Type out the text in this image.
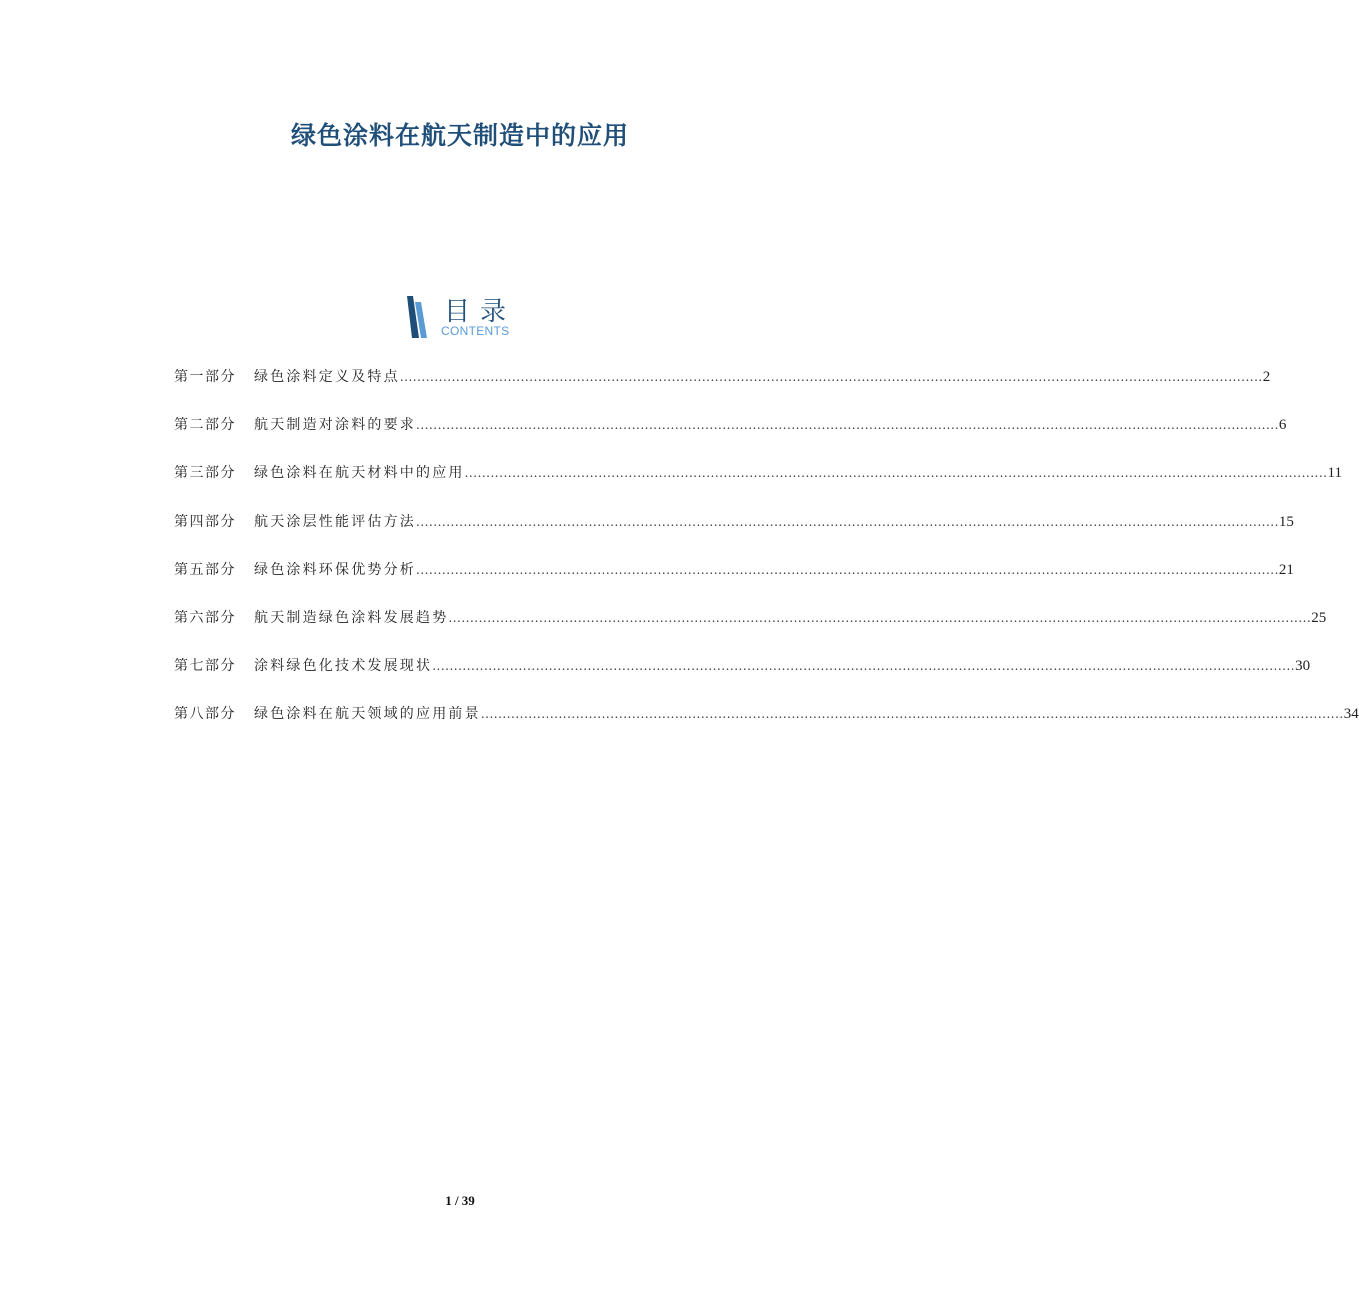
绿色涂料在航天制造中的应用
目录
CONTENTS
第一部分	绿色涂料定义及特点 ........................................................................................................................................................................................................ 2
第二部分	航天制造对涂料的要求 ........................................................................................................................................................................................................ 6
第三部分	绿色涂料在航天材料中的应用 ........................................................................................................................................................................................................ 11
第四部分	航天涂层性能评估方法 ........................................................................................................................................................................................................ 15
第五部分	绿色涂料环保优势分析 ........................................................................................................................................................................................................ 21
第六部分	航天制造绿色涂料发展趋势 ........................................................................................................................................................................................................ 25
第七部分	涂料绿色化技术发展现状 ........................................................................................................................................................................................................ 30
第八部分	绿色涂料在航天领域的应用前景 ........................................................................................................................................................................................................ 34
1 / 39
